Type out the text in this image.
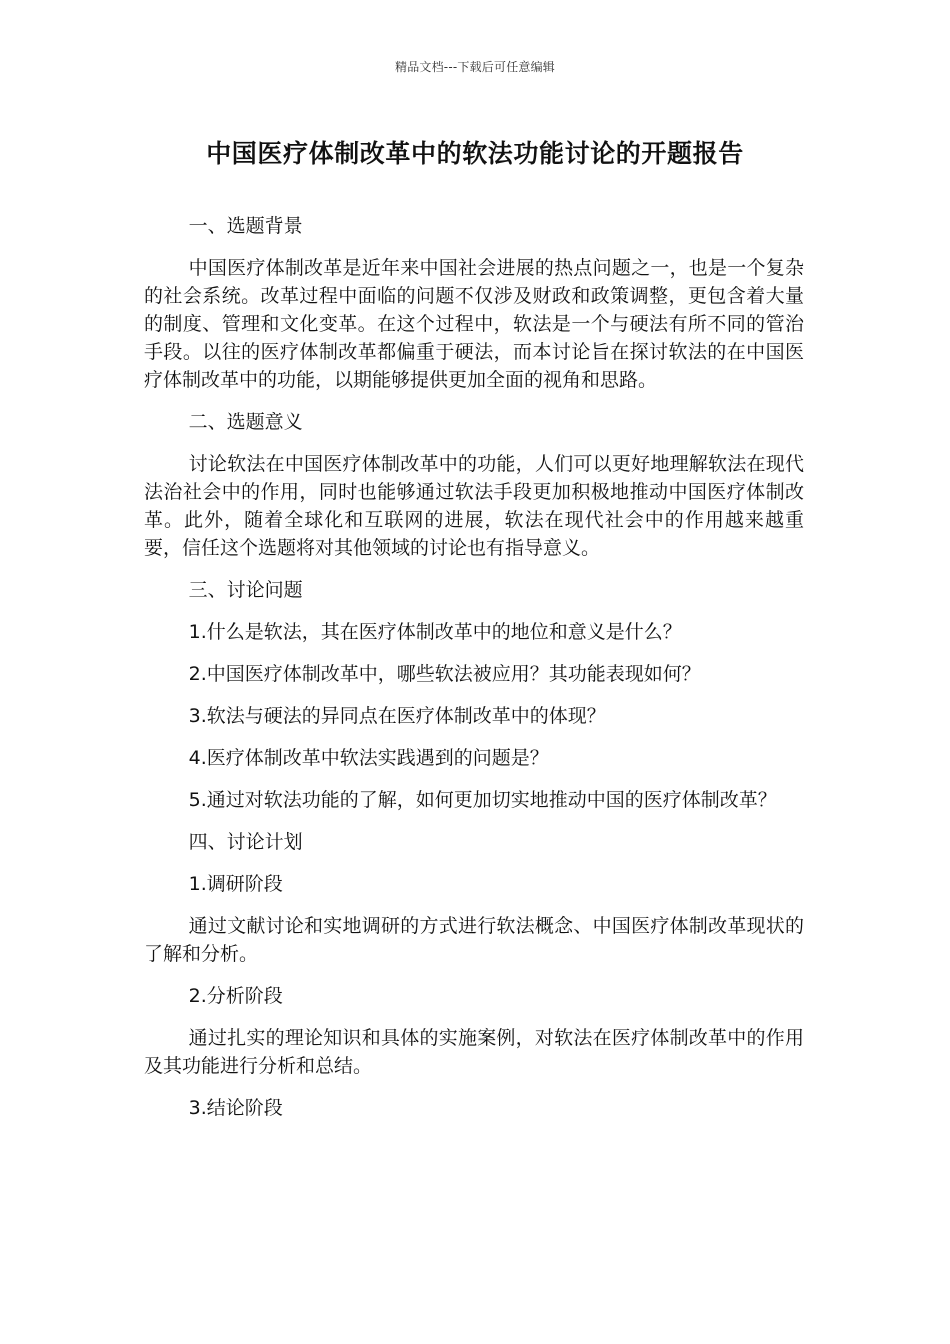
精品文档---下载后可任意编辑
中国医疗体制改革中的软法功能讨论的开题报告
一、选题背景

中国医疗体制改革是近年来中国社会进展的热点问题之一，也是一个复杂的社会系统。改革过程中面临的问题不仅涉及财政和政策调整，更包含着大量的制度、管理和文化变革。在这个过程中，软法是一个与硬法有所不同的管治手段。以往的医疗体制改革都偏重于硬法，而本讨论旨在探讨软法的在中国医疗体制改革中的功能，以期能够提供更加全面的视角和思路。

二、选题意义

讨论软法在中国医疗体制改革中的功能，人们可以更好地理解软法在现代法治社会中的作用，同时也能够通过软法手段更加积极地推动中国医疗体制改革。此外，随着全球化和互联网的进展，软法在现代社会中的作用越来越重要，信任这个选题将对其他领域的讨论也有指导意义。

三、讨论问题
1.什么是软法，其在医疗体制改革中的地位和意义是什么？
2.中国医疗体制改革中，哪些软法被应用？其功能表现如何？
3.软法与硬法的异同点在医疗体制改革中的体现？
4.医疗体制改革中软法实践遇到的问题是？

5.通过对软法功能的了解，如何更加切实地推动中国的医疗体制改革？

四、讨论计划
1.调研阶段

通过文献讨论和实地调研的方式进行软法概念、中国医疗体制改革现状的了解和分析。

2.分析阶段

通过扎实的理论知识和具体的实施案例，对软法在医疗体制改革中的作用及其功能进行分析和总结。

3.结论阶段
